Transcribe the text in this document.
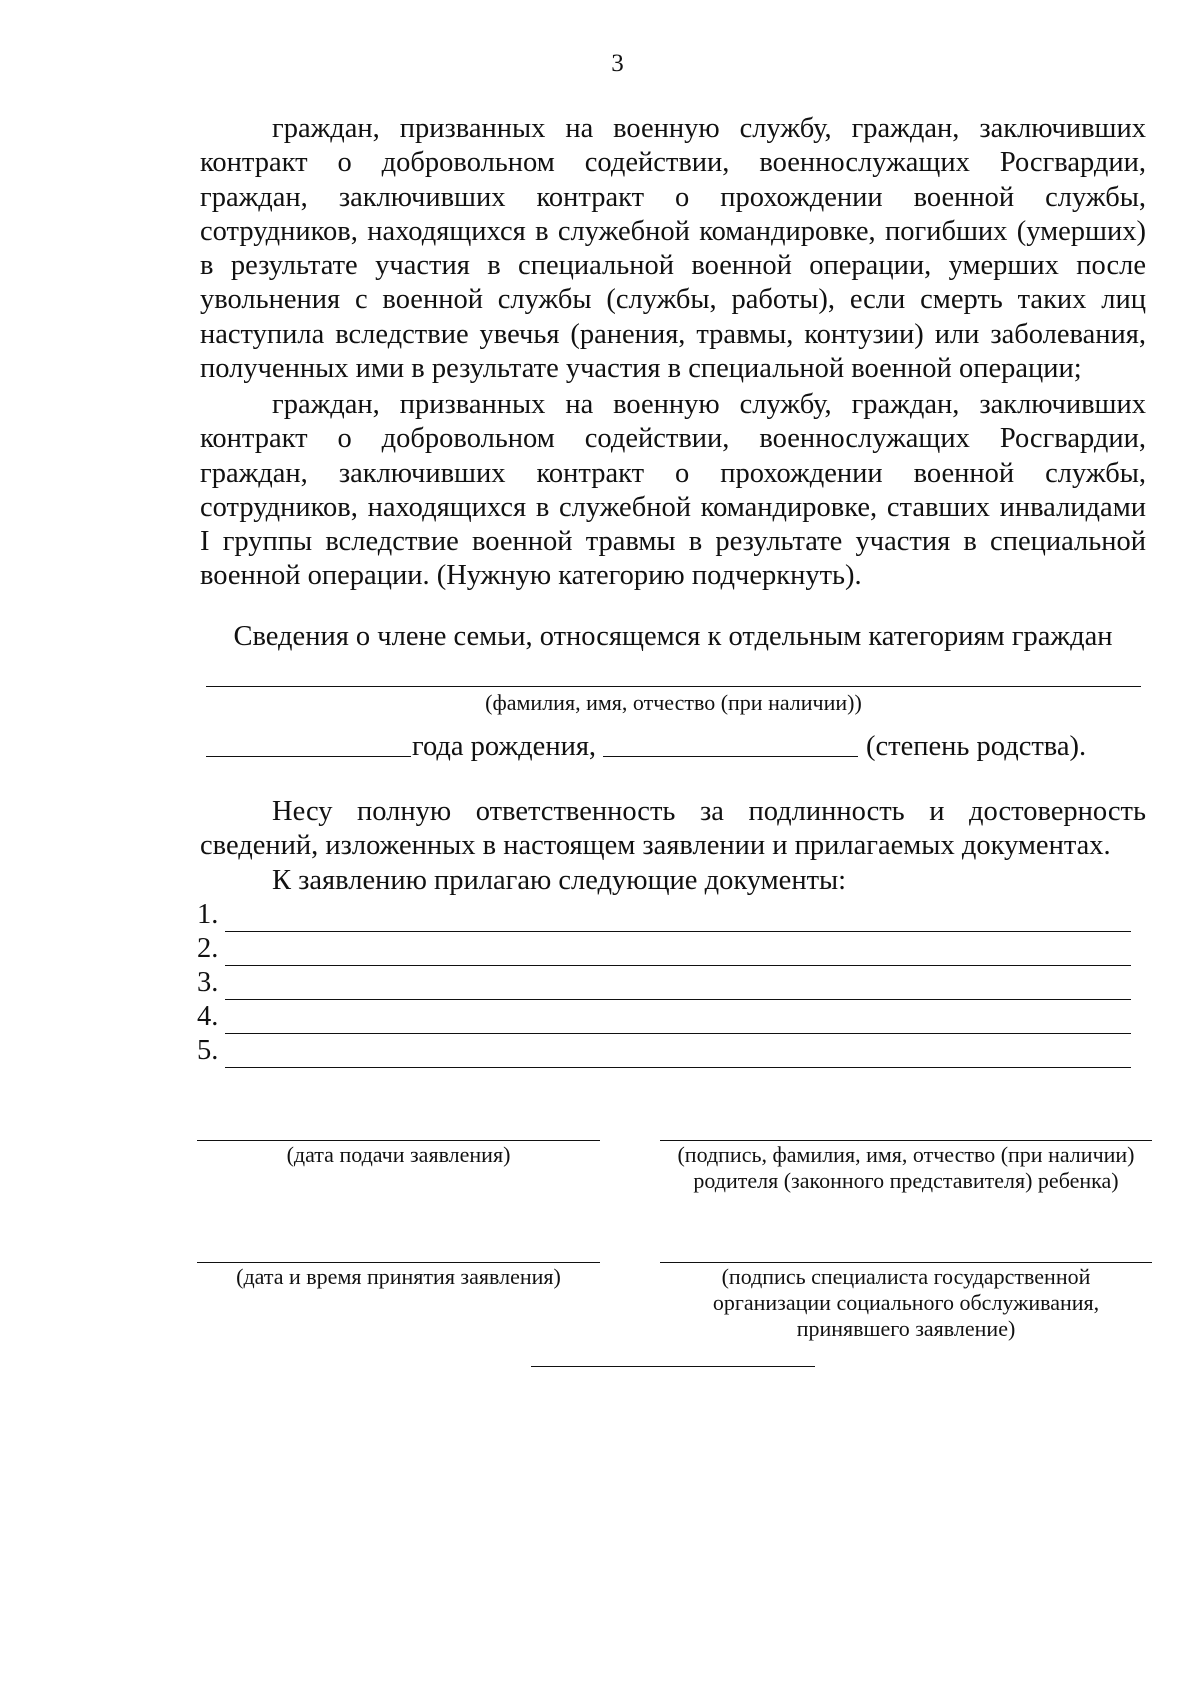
3

граждан, призванных на военную службу, граждан, заключивших контракт о добровольном содействии, военнослужащих Росгвардии, граждан, заключивших контракт о прохождении военной службы, сотрудников, находящихся в служебной командировке, погибших (умерших) в результате участия в специальной военной операции, умерших после увольнения с военной службы (службы, работы), если смерть таких лиц наступила вследствие увечья (ранения, травмы, контузии) или заболевания, полученных ими в результате участия в специальной военной операции;

граждан, призванных на военную службу, граждан, заключивших контракт о добровольном содействии, военнослужащих Росгвардии, граждан, заключивших контракт о прохождении военной службы, сотрудников, находящихся в служебной командировке, ставших инвалидами I группы вследствие военной травмы в результате участия в специальной военной операции. (Нужную категорию подчеркнуть).

Сведения о члене семьи, относящемся к отдельным категориям граждан
(фамилия, имя, отчество (при наличии))
года рождения,	(степень родства).

Несу полную ответственность за подлинность и достоверность сведений, изложенных в настоящем заявлении и прилагаемых документах.

К заявлению прилагаю следующие документы:
1.
2.
3.
4.
5.
(дата подачи заявления)	(подпись, фамилия, имя, отчество (при наличии)
родителя (законного представителя) ребенка)
(дата и время принятия заявления)	(подпись специалиста государственной
организации социального обслуживания,
принявшего заявление)
